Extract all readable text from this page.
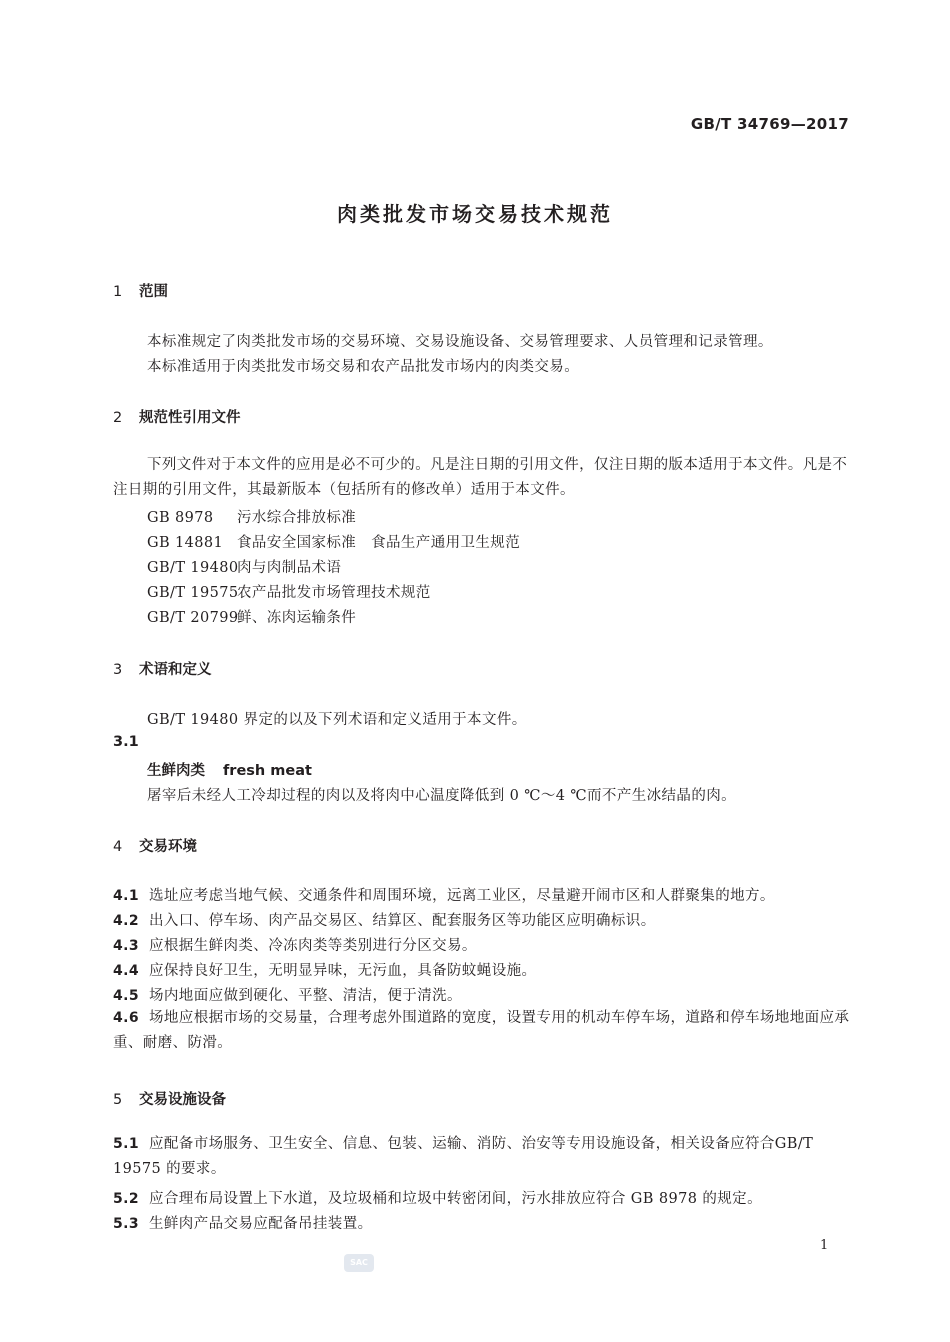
GB/T 34769—2017
肉类批发市场交易技术规范
1 范围
本标准规定了肉类批发市场的交易环境、交易设施设备、交易管理要求、人员管理和记录管理。
本标准适用于肉类批发市场交易和农产品批发市场内的肉类交易。
2 规范性引用文件
下列文件对于本文件的应用是必不可少的。凡是注日期的引用文件，仅注日期的版本适用于本文件。凡是不注日期的引用文件，其最新版本（包括所有的修改单）适用于本文件。
GB 8978 污水综合排放标准
GB 14881 食品安全国家标准　食品生产通用卫生规范
GB/T 19480肉与肉制品术语
GB/T 19575农产品批发市场管理技术规范
GB/T 20799鲜、冻肉运输条件
3 术语和定义
GB/T 19480 界定的以及下列术语和定义适用于本文件。
3.1
生鲜肉类 fresh meat
屠宰后未经人工冷却过程的肉以及将肉中心温度降低到 0 ℃～4 ℃而不产生冰结晶的肉。
4 交易环境
4.1 选址应考虑当地气候、交通条件和周围环境，远离工业区，尽量避开闹市区和人群聚集的地方。
4.2 出入口、停车场、肉产品交易区、结算区、配套服务区等功能区应明确标识。
4.3 应根据生鲜肉类、冷冻肉类等类别进行分区交易。
4.4 应保持良好卫生，无明显异味，无污血，具备防蚊蝇设施。
4.5 场内地面应做到硬化、平整、清洁，便于清洗。
4.6 场地应根据市场的交易量，合理考虑外围道路的宽度，设置专用的机动车停车场，道路和停车场地地面应承重、耐磨、防滑。
5 交易设施设备
5.1 应配备市场服务、卫生安全、信息、包装、运输、消防、治安等专用设施设备，相关设备应符合GB/T 19575 的要求。
5.2 应合理布局设置上下水道，及垃圾桶和垃圾中转密闭间，污水排放应符合 GB 8978 的规定。
5.3 生鲜肉产品交易应配备吊挂装置。
1
SAC
